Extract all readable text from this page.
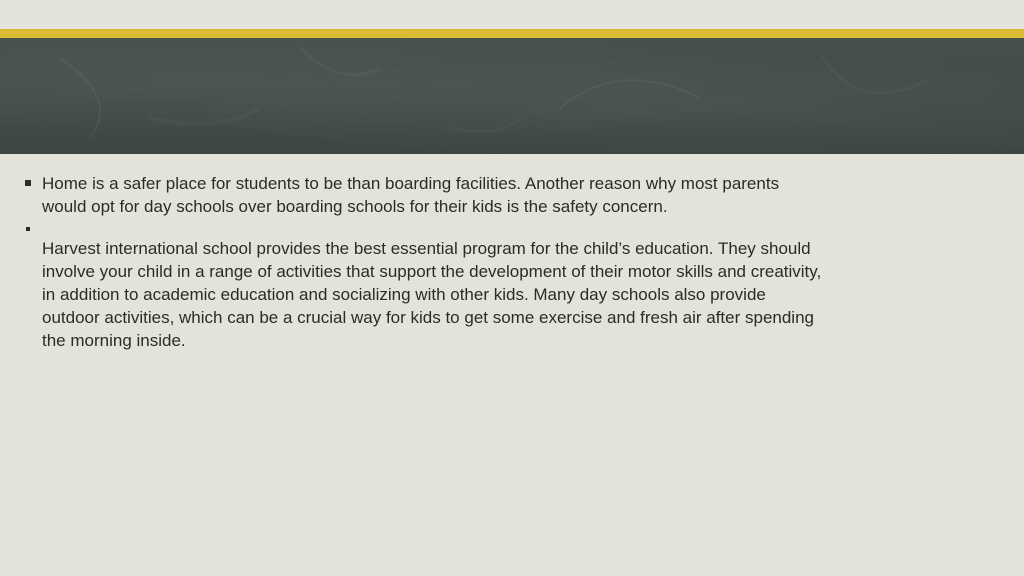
Home is a safer place for students to be than boarding facilities. Another reason why most parents would opt for day schools over boarding schools for their kids is the safety concern.
Harvest international school provides the best essential program for the child’s education. They should involve your child in a range of activities that support the development of their motor skills and creativity, in addition to academic education and socializing with other kids. Many day schools also provide outdoor activities, which can be a crucial way for kids to get some exercise and fresh air after spending the morning inside.
